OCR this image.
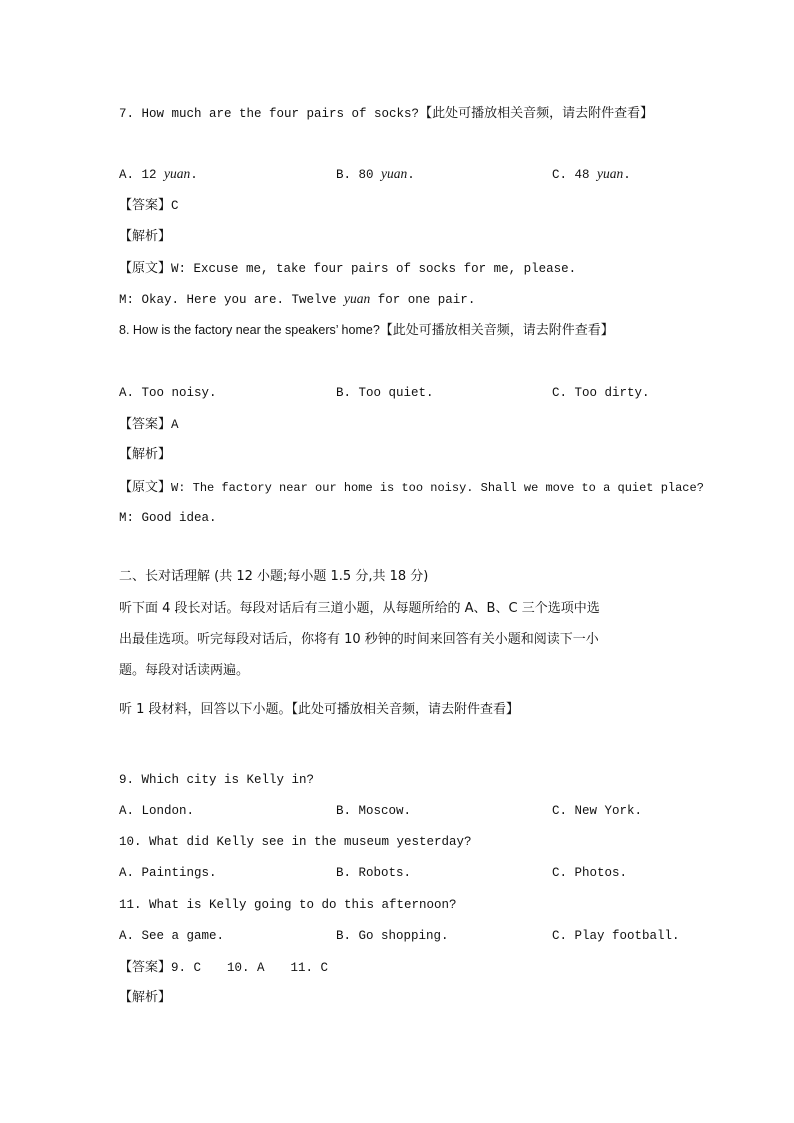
7. How much are the four pairs of socks?【此处可播放相关音频，请去附件查看】
A. 12 yuan.	B. 80 yuan.	C. 48 yuan.
【答案】C
【解析】
【原文】W: Excuse me, take four pairs of socks for me, please.
M: Okay. Here you are. Twelve yuan for one pair.
8. How is the factory near the speakers’ home?【此处可播放相关音频，请去附件查看】
A. Too noisy.	B. Too quiet.	C. Too dirty.
【答案】A
【解析】
【原文】W: The factory near our home is too noisy. Shall we move to a quiet place?
M: Good idea.
二、长对话理解 (共 12 小题;每小题 1.5 分,共 18 分)
听下面 4 段长对话。每段对话后有三道小题，从每题所给的 A、B、C 三个选项中选
出最佳选项。听完每段对话后，你将有 10 秒钟的时间来回答有关小题和阅读下一小
题。每段对话读两遍。
听 1 段材料，回答以下小题。【此处可播放相关音频，请去附件查看】
9. Which city is Kelly in?
A. London.	B. Moscow.	C. New York.
10. What did Kelly see in the museum yesterday?
A. Paintings.	B. Robots.	C. Photos.
11. What is Kelly going to do this afternoon?
A. See a game.	B. Go shopping.	C. Play football.
【答案】9. C 10. A 11. C
【解析】
